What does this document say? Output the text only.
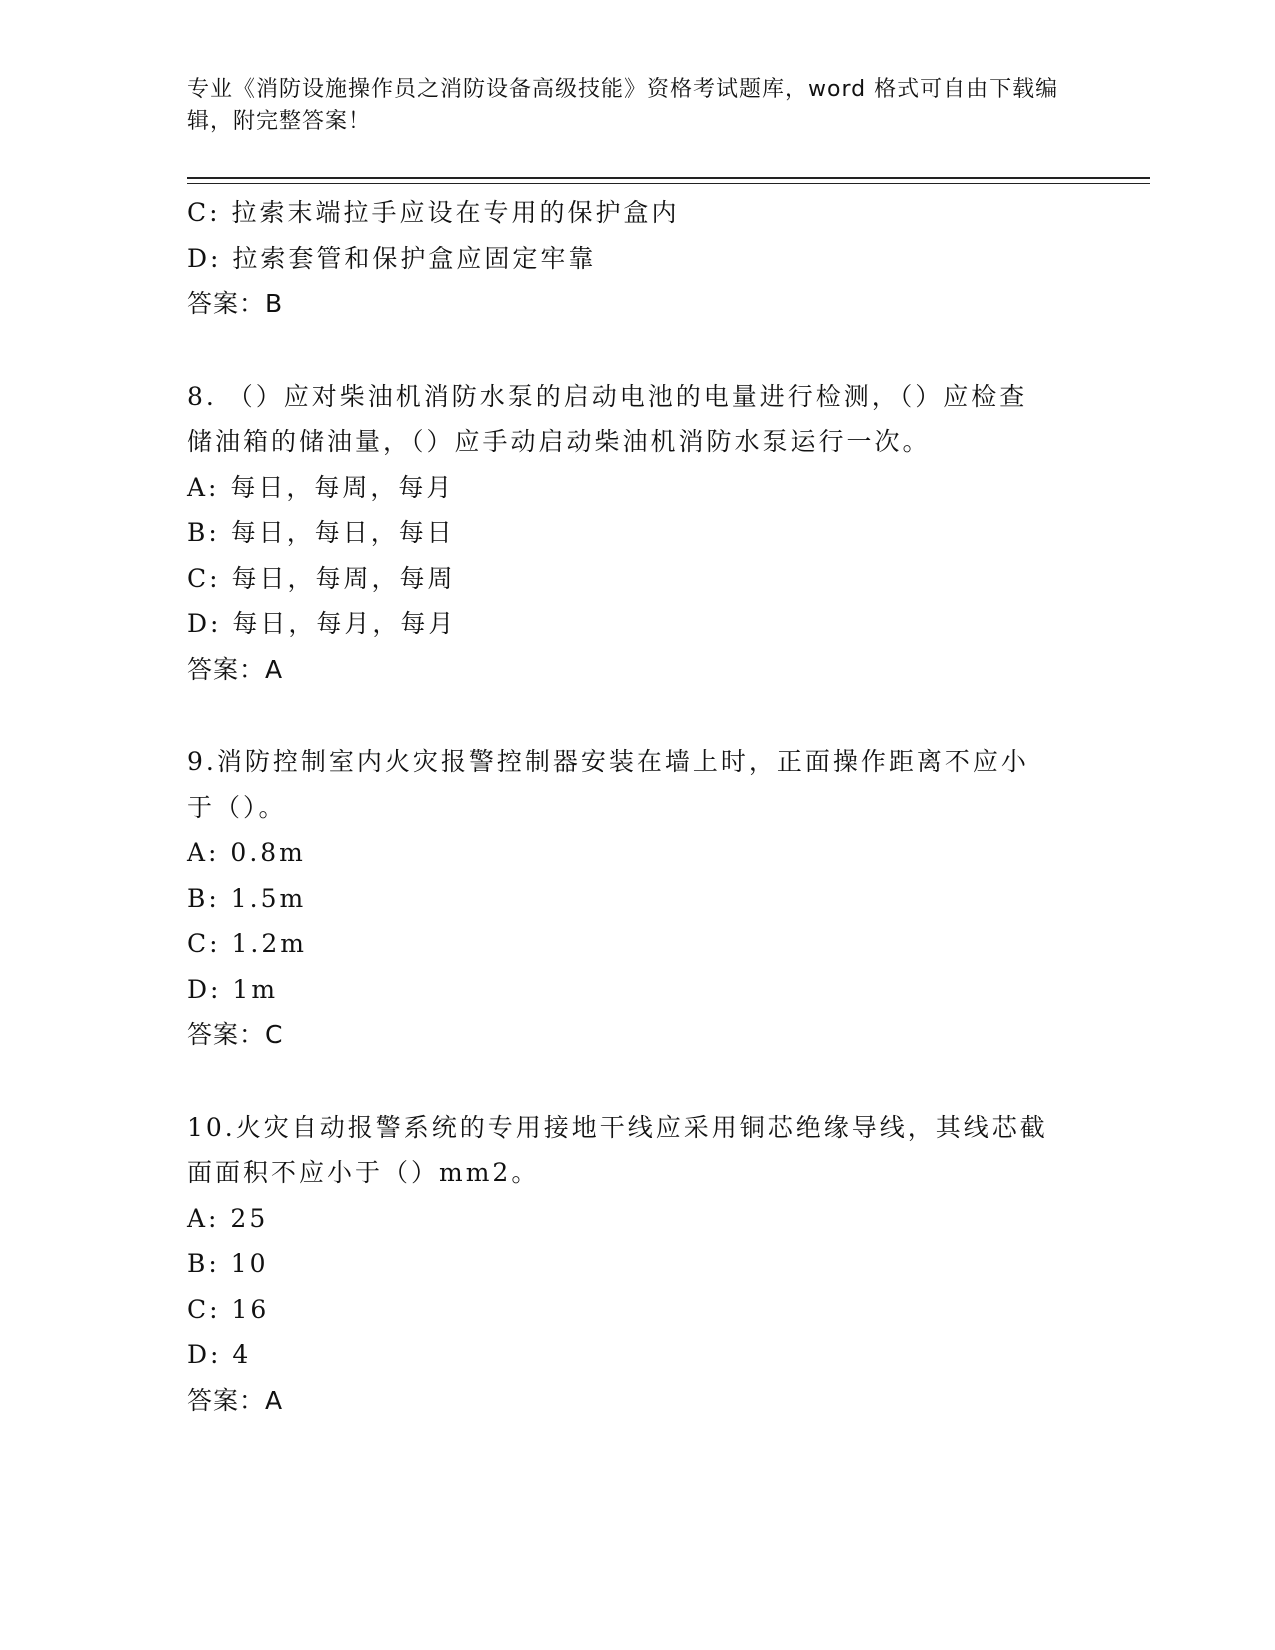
专业《消防设施操作员之消防设备高级技能》资格考试题库，word 格式可自由下载编辑，附完整答案！
C: 拉索末端拉手应设在专用的保护盒内
D: 拉索套管和保护盒应固定牢靠
答案：B
8. （）应对柴油机消防水泵的启动电池的电量进行检测，（）应检查
储油箱的储油量，（）应手动启动柴油机消防水泵运行一次。
A: 每日，每周，每月
B: 每日，每日，每日
C: 每日，每周，每周
D: 每日，每月，每月
答案：A
9.消防控制室内火灾报警控制器安装在墙上时，正面操作距离不应小
于（）。
A: 0.8m
B: 1.5m
C: 1.2m
D: 1m
答案：C
10.火灾自动报警系统的专用接地干线应采用铜芯绝缘导线，其线芯截
面面积不应小于（）mm2。
A: 25
B: 10
C: 16
D: 4
答案：A
